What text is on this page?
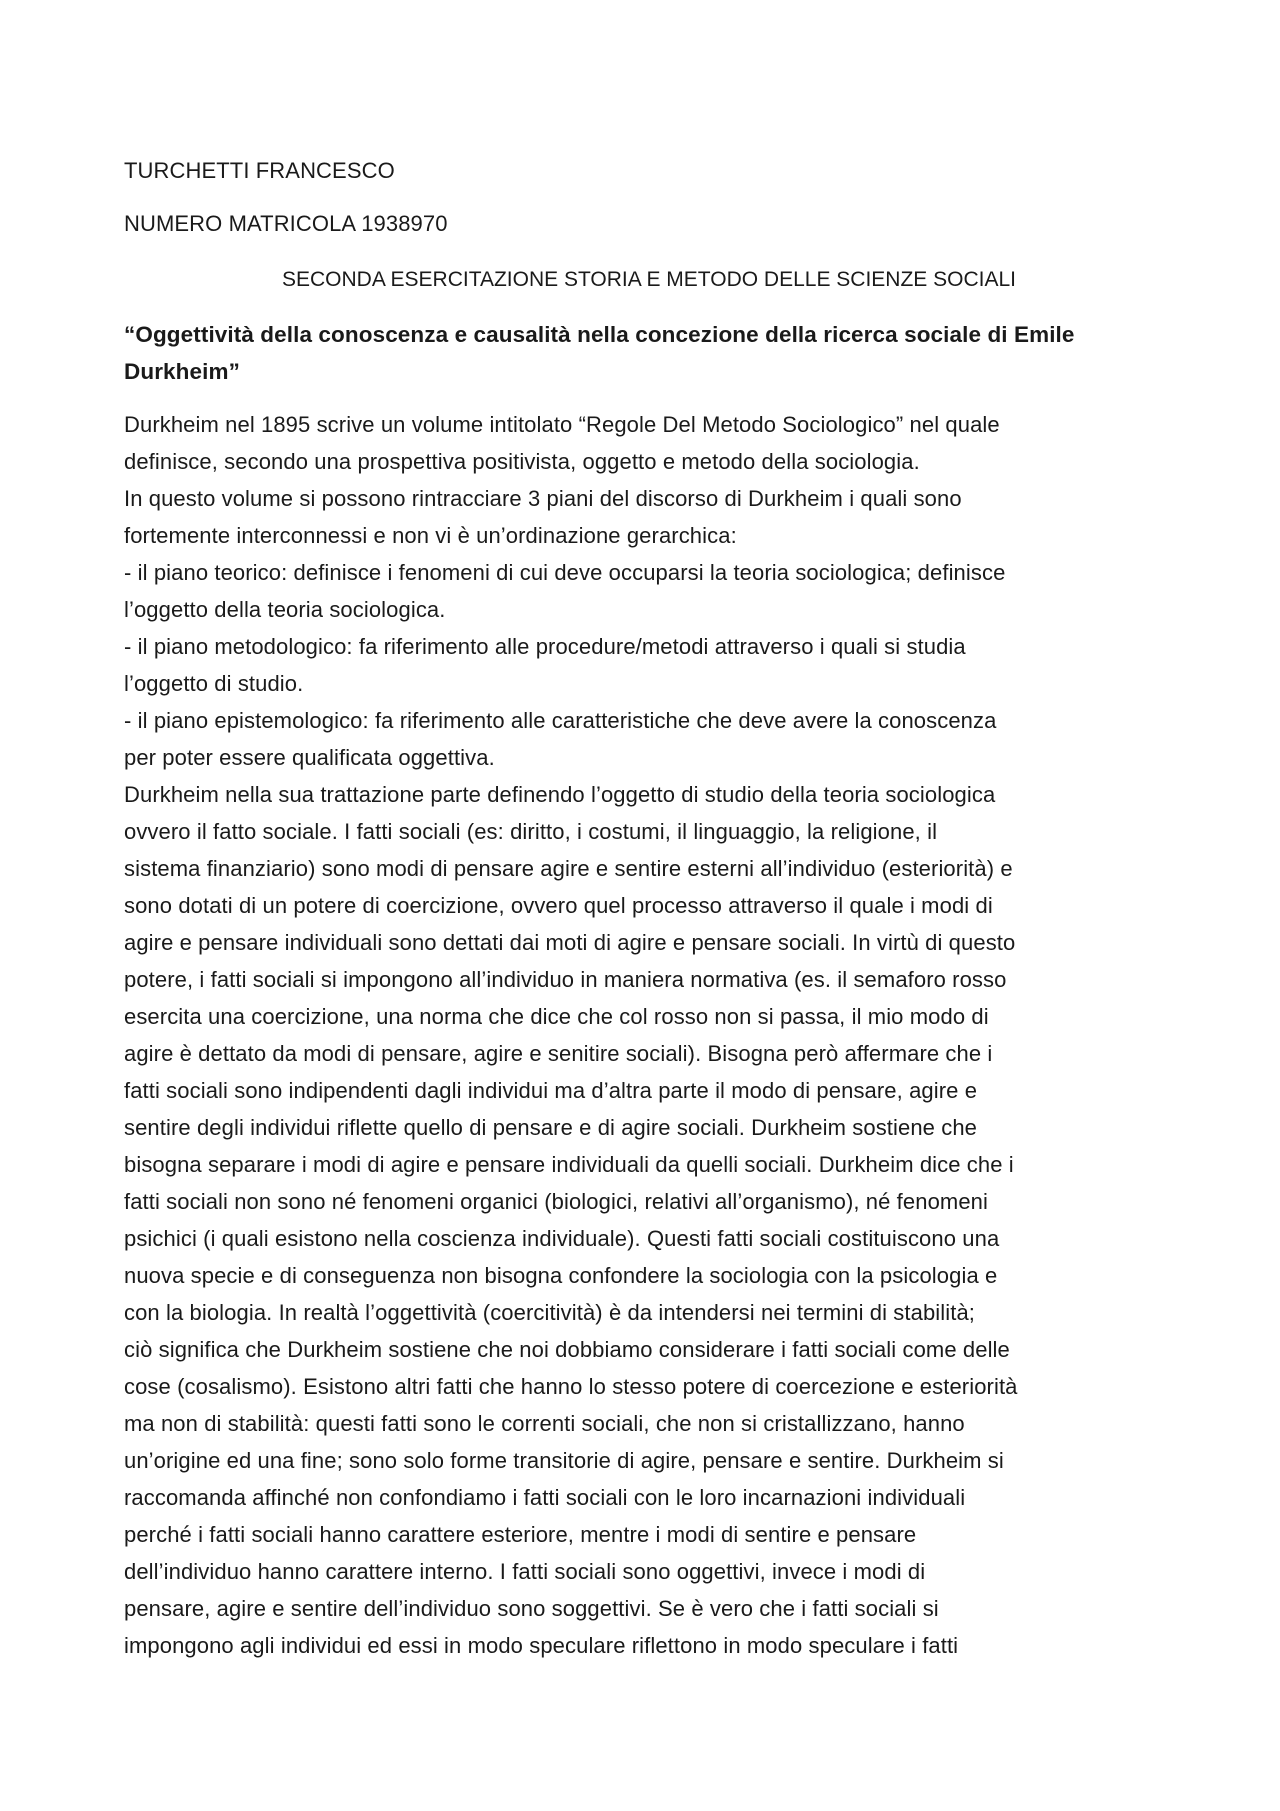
TURCHETTI FRANCESCO
NUMERO MATRICOLA 1938970
SECONDA ESERCITAZIONE STORIA E METODO DELLE SCIENZE SOCIALI
“Oggettività della conoscenza e causalità nella concezione della ricerca sociale di Emile
Durkheim”
Durkheim nel 1895 scrive un volume intitolato “Regole Del Metodo Sociologico” nel quale
definisce, secondo una prospettiva positivista, oggetto e metodo della sociologia.
In questo volume si possono rintracciare 3 piani del discorso di Durkheim i quali sono
fortemente interconnessi e non vi è un’ordinazione gerarchica:
- il piano teorico: definisce i fenomeni di cui deve occuparsi la teoria sociologica; definisce
l’oggetto della teoria sociologica.
- il piano metodologico: fa riferimento alle procedure/metodi attraverso i quali si studia
l’oggetto di studio.
- il piano epistemologico: fa riferimento alle caratteristiche che deve avere la conoscenza
per poter essere qualificata oggettiva.
Durkheim nella sua trattazione parte definendo l’oggetto di studio della teoria sociologica
ovvero il fatto sociale. I fatti sociali (es: diritto, i costumi, il linguaggio, la religione, il
sistema finanziario) sono modi di pensare agire e sentire esterni all’individuo (esteriorità) e
sono dotati di un potere di coercizione, ovvero quel processo attraverso il quale i modi di
agire e pensare individuali sono dettati dai moti di agire e pensare sociali. In virtù di questo
potere, i fatti sociali si impongono all’individuo in maniera normativa (es. il semaforo rosso
esercita una coercizione, una norma che dice che col rosso non si passa, il mio modo di
agire è dettato da modi di pensare, agire e senitire sociali). Bisogna però affermare che i
fatti sociali sono indipendenti dagli individui ma d’altra parte il modo di pensare, agire e
sentire degli individui riflette quello di pensare e di agire sociali. Durkheim sostiene che
bisogna separare i modi di agire e pensare individuali da quelli sociali. Durkheim dice che i
fatti sociali non sono né fenomeni organici (biologici, relativi all’organismo), né fenomeni
psichici (i quali esistono nella coscienza individuale). Questi fatti sociali costituiscono una
nuova specie e di conseguenza non bisogna confondere la sociologia con la psicologia e
con la biologia. In realtà l’oggettività (coercitività) è da intendersi nei termini di stabilità;
ciò significa che Durkheim sostiene che noi dobbiamo considerare i fatti sociali come delle
cose (cosalismo). Esistono altri fatti che hanno lo stesso potere di coercezione e esteriorità
ma non di stabilità: questi fatti sono le correnti sociali, che non si cristallizzano, hanno
un’origine ed una fine; sono solo forme transitorie di agire, pensare e sentire. Durkheim si
raccomanda affinché non confondiamo i fatti sociali con le loro incarnazioni individuali
perché i fatti sociali hanno carattere esteriore, mentre i modi di sentire e pensare
dell’individuo hanno carattere interno. I fatti sociali sono oggettivi, invece i modi di
pensare, agire e sentire dell’individuo sono soggettivi. Se è vero che i fatti sociali si
impongono agli individui ed essi in modo speculare riflettono in modo speculare i fatti
